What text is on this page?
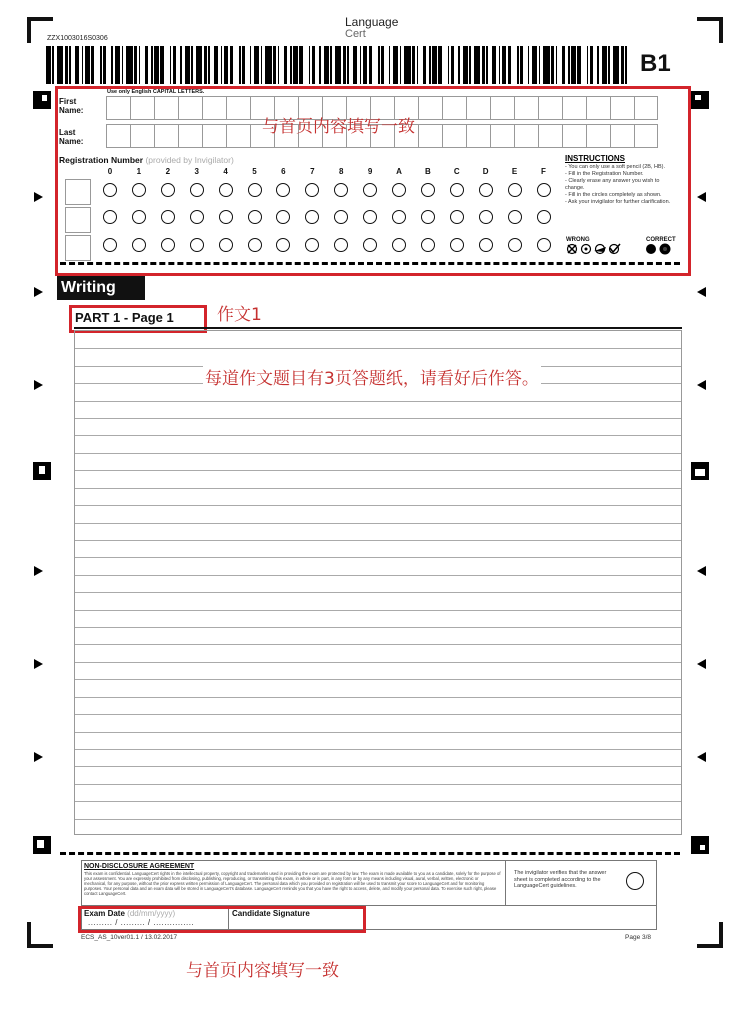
Language
Cert
ZZX1003016S0306
B1
Use only English CAPITAL LETTERS.
First Name:
Last Name:
Registration Number (provided by Invigilator)
0	1	2	3	4	5	6	7	8	9	A	B	C	D	E	F
INSTRUCTIONS
- You can only use a soft pencil (2B, HB).
- Fill in the Registration Number.
- Clearly erase any answer you wish to change.
- Fill in the circles completely as shown.
- Ask your invigilator for further clarification.
WRONG	CORRECT
与首页内容填写一致
Writing
PART 1 - Page 1	作文1
每道作文题目有3页答题纸，请看好后作答。
NON-DISCLOSURE AGREEMENT
This exam is confidential. LanguageCert rights in the intellectual property, copyright and trademarks used in providing the exam are protected by law. The exam is made available to you as a candidate, solely for the purpose of your assessment. You are expressly prohibited from disclosing, publishing, reproducing, or transmitting this exam, in whole or in part, in any form or by any means including visual, aural, verbal, written, electronic or mechanical, for any purpose, without the prior express written permission of LanguageCert. The personal data which you provided on registration will be used to transmit your score to LanguageCert and for monitoring purposes. Your personal data and an exam data will be stored in LanguageCert's database. LanguageCert reminds you that you have the right to access, delete, and modify your personal data. To exercise such right, please contact LanguageCert.
The invigilator verifies that the answer sheet is completed according to the LanguageCert guidelines.
Exam Date (dd/mm/yyyy)
......... / ......... / ...............
Candidate Signature
ECS_AS_10ver01.1 / 13.02.2017	Page 3/8
与首页内容填写一致
